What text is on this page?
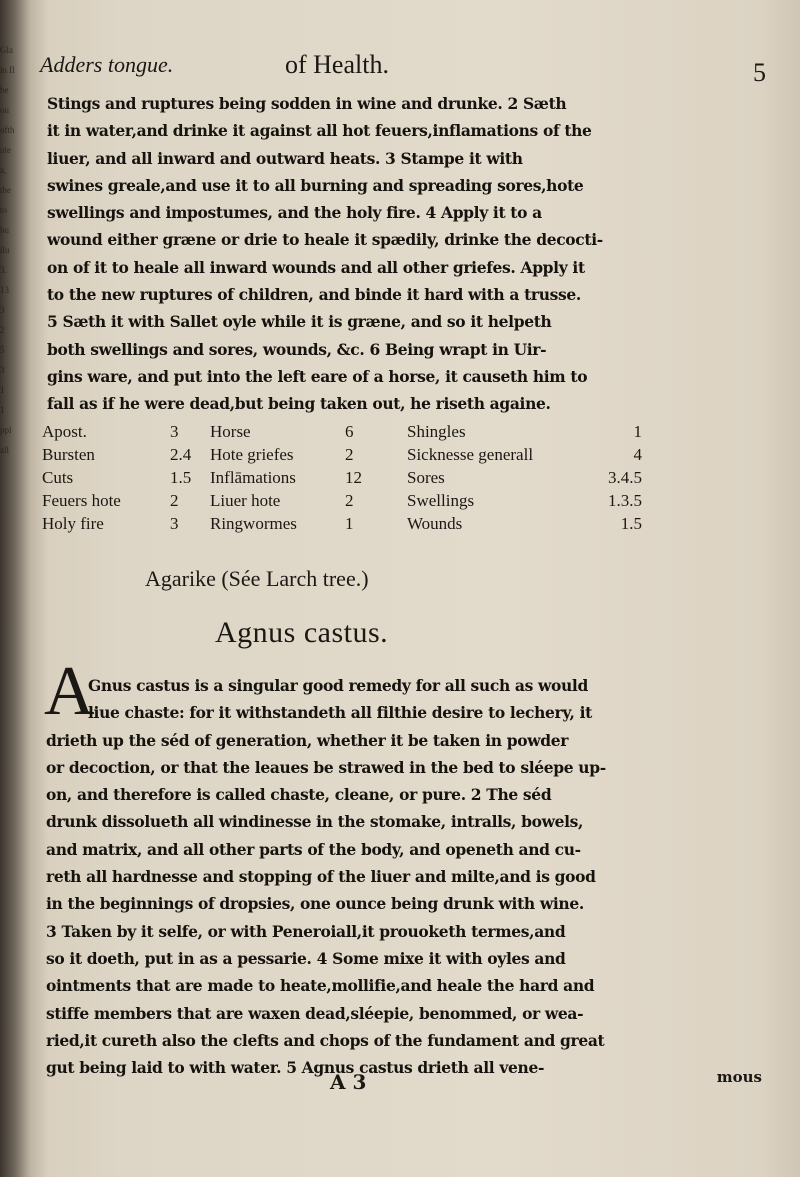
Gla
in fl
be
ou
ofth
ute
a,
the
to
bu
ilu
3.
13
3
2
5
3
1
1
ppl
all
Adders tongue.	of Health.	5
Stings and ruptures being sodden in wine and drunke. 2 Sæth
it in water,and drinke it against all hot feuers,inflamations of the
liuer, and all inward and outward heats. 3 Stampe it with
swines greale,and use it to all burning and spreading sores,hote
swellings and impostumes, and the holy fire. 4 Apply it to a
wound either græne or drie to heale it spædily, drinke the decocti-
on of it to heale all inward wounds and all other griefes. Apply it
to the new ruptures of children, and binde it hard with a trusse.
5 Sæth it with Sallet oyle while it is græne, and so it helpeth
both swellings and sores, wounds, &c. 6 Being wrapt in Uir-
gins ware, and put into the left eare of a horse, it causeth him to
fall as if he were dead,but being taken out, he riseth againe.
Apost.	3	Horse	6	Shingles	1
Bursten	2.4	Hote griefes	2	Sicknesse generall	4
Cuts	1.5	Inflāmations	12	Sores	3.4.5
Feuers hote	2	Liuer hote	2	Swellings	1.3.5
Holy fire	3	Ringwormes	1	Wounds	1.5
Agarike (Sée Larch tree.)
Agnus castus.
A
Gnus castus is a singular good remedy for all such as would
liue chaste: for it withstandeth all filthie desire to lechery, it
drieth up the séd of generation, whether it be taken in powder
or decoction, or that the leaues be strawed in the bed to sléepe up-
on, and therefore is called chaste, cleane, or pure. 2 The séd
drunk dissolueth all windinesse in the stomake, intralls, bowels,
and matrix, and all other parts of the body, and openeth and cu-
reth all hardnesse and stopping of the liuer and milte,and is good
in the beginnings of dropsies, one ounce being drunk with wine.
3 Taken by it selfe, or with Peneroiall,it prouoketh termes,and
so it doeth, put in as a pessarie. 4 Some mixe it with oyles and
ointments that are made to heate,mollifie,and heale the hard and
stiffe members that are waxen dead,sléepie, benommed, or wea-
ried,it cureth also the clefts and chops of the fundament and great
gut being laid to with water. 5 Agnus castus drieth all vene-
A 3	mous
